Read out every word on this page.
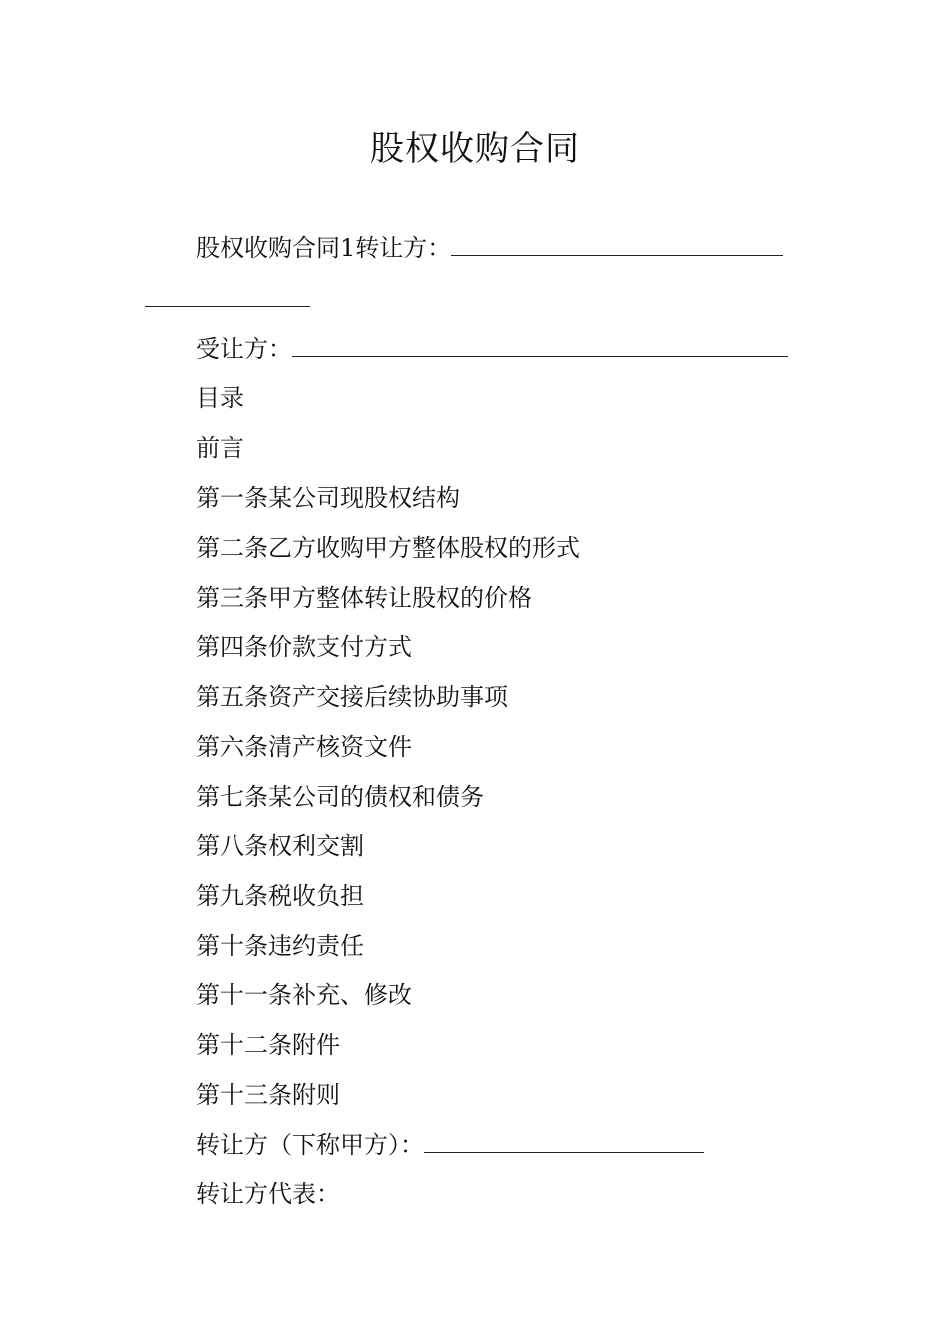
股权收购合同
股权收购合同1转让方：
受让方：
目录
前言
第一条某公司现股权结构
第二条乙方收购甲方整体股权的形式
第三条甲方整体转让股权的价格
第四条价款支付方式
第五条资产交接后续协助事项
第六条清产核资文件
第七条某公司的债权和债务
第八条权利交割
第九条税收负担
第十条违约责任
第十一条补充、修改
第十二条附件
第十三条附则
转让方（下称甲方）：
转让方代表：
